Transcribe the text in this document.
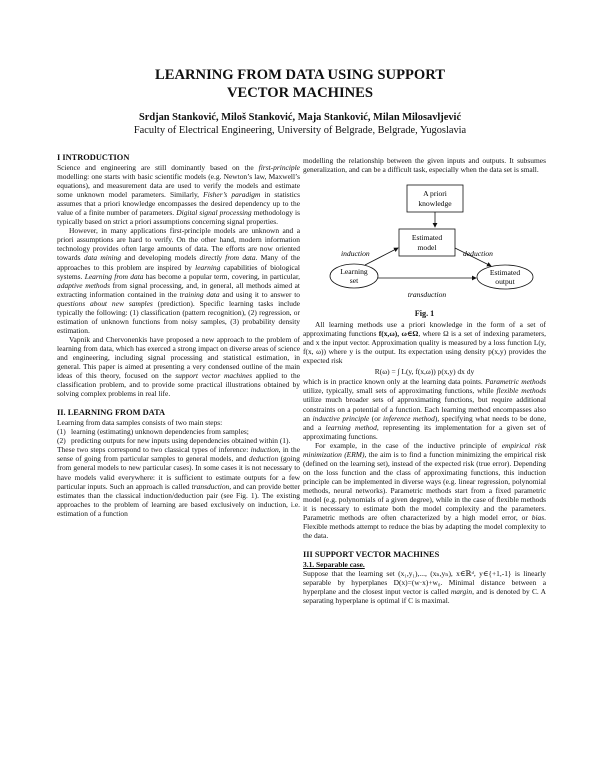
LEARNING FROM DATA USING SUPPORT
VECTOR MACHINES
Srdjan Stanković, Miloš Stanković, Maja Stanković, Milan Milosavljević
Faculty of Electrical Engineering, University of Belgrade, Belgrade, Yugoslavia

I INTRODUCTION

Science and engineering are still dominantly based on the first-principle modelling: one starts with basic scientific models (e.g. Newton’s law, Maxwell’s equations), and measurement data are used to verify the models and estimate some unknown model parameters. Similarly, Fisher’s paradigm in statistics assumes that a priori knowledge encompasses the desired dependency up to the value of a finite number of parameters. Digital signal processing methodology is typically based on strict a priori assumptions concerning signal properties.

However, in many applications first-principle models are unknown and a priori assumptions are hard to verify. On the other hand, modern information technology provides often large amounts of data. The efforts are now oriented towards data mining and developing models directly from data. Many of the approaches to this problem are inspired by learning capabilities of biological systems. Learning from data has become a popular term, covering, in particular, adaptive methods from signal processing, and, in general, all methods aimed at extracting information contained in the training data and using it to answer to questions about new samples (prediction). Specific learning tasks include typically the following: (1) classification (pattern recognition), (2) regression, or estimation of unknown functions from noisy samples, (3) probability density estimation.

Vapnik and Chervonenkis have proposed a new approach to the problem of learning from data, which has exerced a strong impact on diverse areas of science and engineering, including signal processing and statistical estimation, in general. This paper is aimed at presenting a very condensed outline of the main ideas of this theory, focused on the support vector machines applied to the classification problem, and to provide some practical illustrations obtained by solving complex problems in real life.

II. LEARNING FROM DATA

Learning from data samples consists of two main steps:

(1) learning (estimating) unknown dependencies from samples;
(2) predicting outputs for new inputs using dependencies obtained within (1).

These two steps correspond to two classical types of inference: induction, in the sense of going from particular samples to general models, and deduction (going from general models to new particular cases). In some cases it is not necessary to have models valid everywhere: it is sufficient to estimate outputs for a few particular inputs. Such an approach is called transduction, and can provide better estimates than the classical induction/deduction pair (see Fig. 1). The existing approaches to the problem of learning are based exclusively on induction, i.e. estimation of a function

modelling the relationship between the given inputs and outputs. It subsumes generalization, and can be a difficult task, especially when the data set is small.

A priori
knowledge
Estimated
model
Learning
set
Estimated
output
induction	deduction
transduction

Fig. 1

All learning methods use a priori knowledge in the form of a set of approximating functions f(x,ω), ω∈Ω, where Ω is a set of indexing parameters, and x the input vector. Approximation quality is measured by a loss function L(y, f(x, ω)) where y is the output. Its expectation using density p(x,y) provides the expected risk

R(ω) = ∫ L(y, f(x,ω)) p(x,y) dx dy

which is in practice known only at the learning data points. Parametric methods utilize, typically, small sets of approximating functions, while flexible methods utilize much broader sets of approximating functions, but require additional constraints on a potential of a function. Each learning method encompasses also an inductive principle (or inference method), specifying what needs to be done, and a learning method, representing its implementation for a given set of approximating functions.

For example, in the case of the inductive principle of empirical risk minimization (ERM), the aim is to find a function minimizing the empirical risk (defined on the learning set), instead of the expected risk (true error). Depending on the loss function and the class of approximating functions, this induction principle can be implemented in diverse ways (e.g. linear regression, polynomial methods, neural networks). Parametric methods start from a fixed parametric model (e.g. polynomials of a given degree), while in the case of flexible methods it is necessary to estimate both the model complexity and the parameters. Parametric methods are often characterized by a high model error, or bias. Flexible methods attempt to reduce the bias by adapting the model complexity to the data.

III SUPPORT VECTOR MACHINES

3.1. Separable case.

Suppose that the learning set (x₁,y₁),..., (xₙ,yₙ), x∈ℝᵈ, y∈{+1,-1} is linearly separable by hyperplanes D(x)=(w·x)+w₀. Minimal distance between a hyperplane and the closest input vector is called margin, and is denoted by C. A separating hyperplane is optimal if C is maximal.
